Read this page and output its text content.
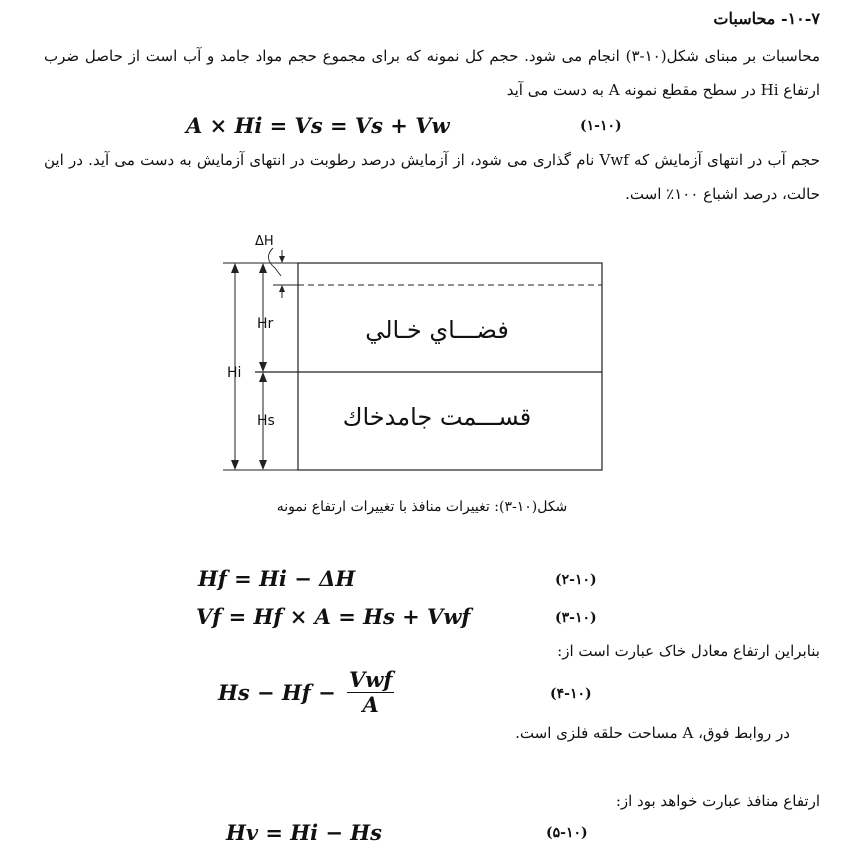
۱۰-۷- محاسبات
محاسبات بر مبنای شکل(۱۰-۳) انجام می شود. حجم کل نمونه که برای مجموع حجم مواد جامد و آب است از حاصل ضرب ارتفاع Hi در سطح مقطع نمونه A به دست می آید
A × Hi = Vs = Vs + Vw	(۱-۱۰)
حجم آب در انتهای آزمایش که Vwf نام گذاری می شود، از آزمایش درصد رطوبت در انتهای آزمایش به دست می آید. در این حالت، درصد اشباع ۱۰۰٪ است.
ΔH
Hr
Hi
Hs
فضـــاي خـالي
قســـمت جامدخاك
شکل(۱۰-۳): تغییرات منافذ با تغییرات ارتفاع نمونه
Hf = Hi − ΔH	(۲-۱۰)
Vf = Hf × A = Hs + Vwf	(۳-۱۰)
بنابراین ارتفاع معادل خاک عبارت است از:
$Hs - Hf - \frac{\text{Vwf}}{A}$	(۴-۱۰)
در روابط فوق، A مساحت حلقه فلزی است.
ارتفاع منافذ عبارت خواهد بود از:
Hv = Hi − Hs	(۵-۱۰)
